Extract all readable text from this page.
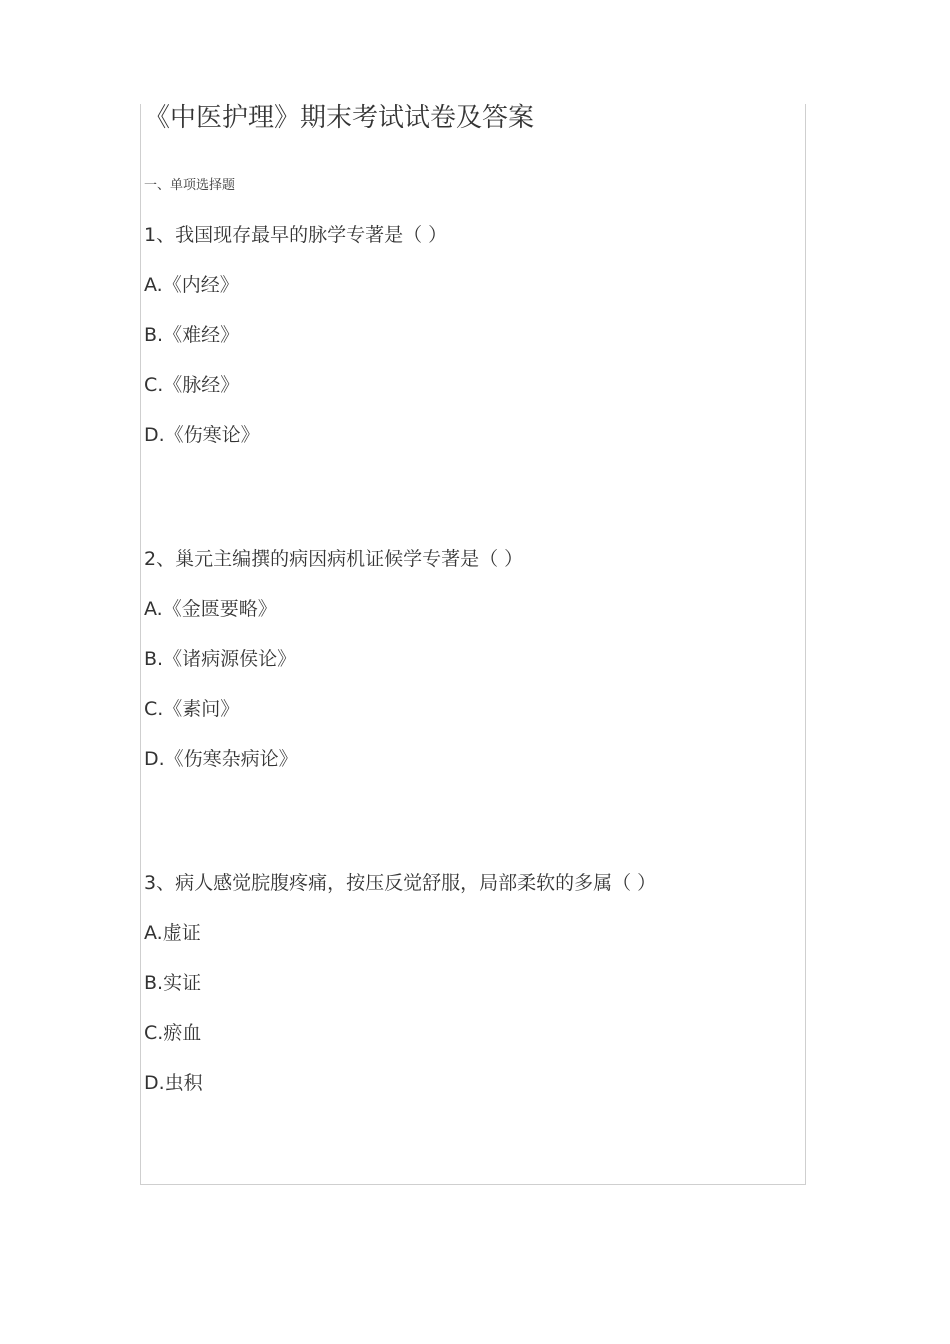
《中医护理》期末考试试卷及答案
一、单项选择题
1、我国现存最早的脉学专著是（ ）
A.《内经》
B.《难经》
C.《脉经》
D.《伤寒论》
2、巢元主编撰的病因病机证候学专著是（ ）
A.《金匮要略》
B.《诸病源侯论》
C.《素问》
D.《伤寒杂病论》
3、病人感觉脘腹疼痛，按压反觉舒服，局部柔软的多属（ ）
A.虚证
B.实证
C.瘀血
D.虫积
